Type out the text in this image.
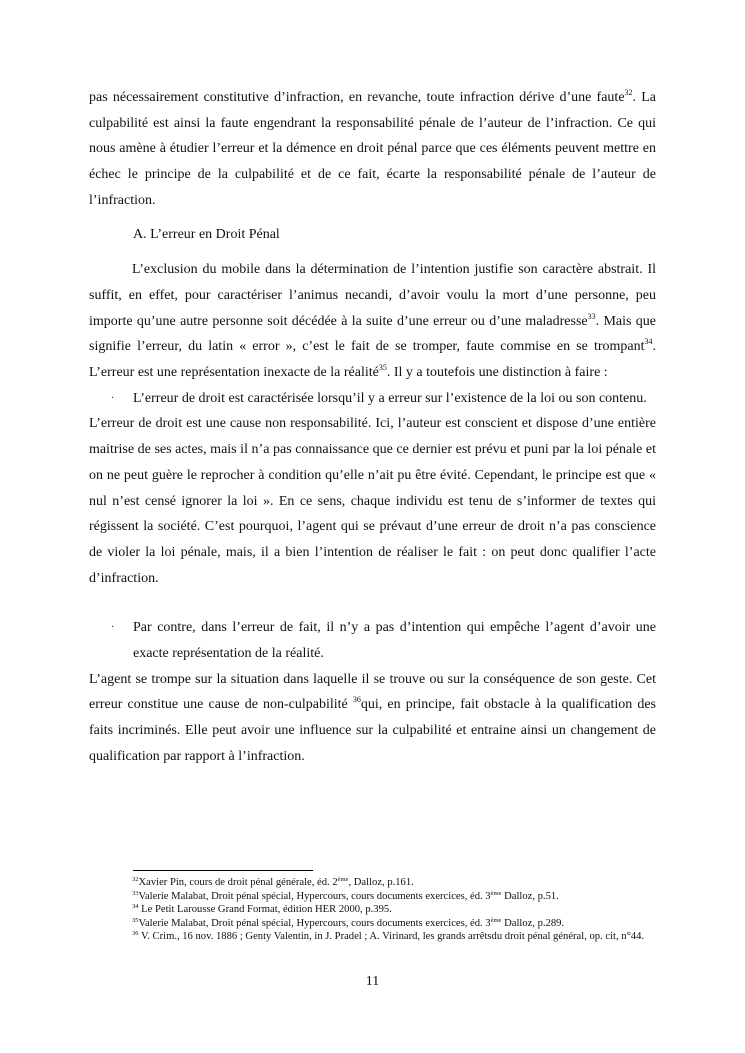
pas nécessairement constitutive d’infraction, en revanche, toute infraction dérive d’une faute$^{32}$. La culpabilité est ainsi la faute engendrant la responsabilité pénale de l’auteur de l’infraction. Ce qui nous amène à étudier l’erreur et la démence en droit pénal parce que ces éléments peuvent mettre en échec le principe de la culpabilité et de ce fait, écarte la responsabilité pénale de l’auteur de l’infraction.

A. L’erreur en Droit Pénal

L’exclusion du mobile dans la détermination de l’intention justifie son caractère abstrait. Il suffit, en effet, pour caractériser l’animus necandi, d’avoir voulu la mort d’une personne, peu importe qu’une autre personne soit décédée à la suite d’une erreur ou d’une maladresse$^{33}$. Mais que signifie l’erreur, du latin « error », c’est le fait de se tromper, faute commise en se trompant$^{34}$. L’erreur est une représentation inexacte de la réalité$^{35}$. Il y a toutefois une distinction à faire :

· L’erreur de droit est caractérisée lorsqu’il y a erreur sur l’existence de la loi ou son contenu.

L’erreur de droit est une cause non responsabilité. Ici, l’auteur est conscient et dispose d’une entière maitrise de ses actes, mais il n’a pas connaissance que ce dernier est prévu et puni par la loi pénale et on ne peut guère le reprocher à condition qu’elle n’ait pu être évité. Cependant, le principe est que « nul n’est censé ignorer la loi ». En ce sens, chaque individu est tenu de s’informer de textes qui régissent la société. C’est pourquoi, l’agent qui se prévaut d’une erreur de droit n’a pas conscience de violer la loi pénale, mais, il a bien l’intention de réaliser le fait : on peut donc qualifier l’acte d’infraction.

· Par contre, dans l’erreur de fait, il n’y a pas d’intention qui empêche l’agent d’avoir une exacte représentation de la réalité.

L’agent se trompe sur la situation dans laquelle il se trouve ou sur la conséquence de son geste. Cet erreur constitue une cause de non-culpabilité $^{36}$qui, en principe, fait obstacle à la qualification des faits incriminés. Elle peut avoir une influence sur la culpabilité et entraine ainsi un changement de qualification par rapport à l’infraction.

$^{32}$Xavier Pin, cours de droit pénal générale, éd. 2ème, Dalloz, p.161.

$^{33}$Valerie Malabat, Droit pénal spécial, Hypercours, cours documents exercices, éd. 3ème Dalloz, p.51.

$^{34}$ Le Petit Larousse Grand Format, édition HER 2000, p.395.

$^{35}$Valerie Malabat, Droit pénal spécial, Hypercours, cours documents exercices, éd. 3ème Dalloz, p.289.

$^{36}$ V. Crim., 16 nov. 1886 ; Genty Valentin, in J. Pradel ; A. Virinard, les grands arrêtsdu droit pénal général, op. cit, n°44.

11
